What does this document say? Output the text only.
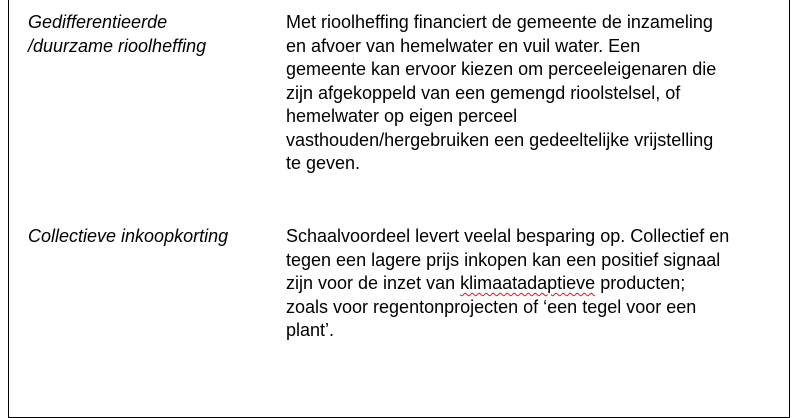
Gedifferentieerde
/duurzame rioolheffing
Met rioolheffing financiert de gemeente de inzameling
en afvoer van hemelwater en vuil water. Een
gemeente kan ervoor kiezen om perceeleigenaren die
zijn afgekoppeld van een gemengd rioolstelsel, of
hemelwater op eigen perceel
vasthouden/hergebruiken een gedeeltelijke vrijstelling
te geven.
Collectieve inkoopkorting	Schaalvoordeel levert veelal besparing op. Collectief en
tegen een lagere prijs inkopen kan een positief signaal
zijn voor de inzet van klimaatadaptieve producten;
zoals voor regentonprojecten of ‘een tegel voor een
plant’.
